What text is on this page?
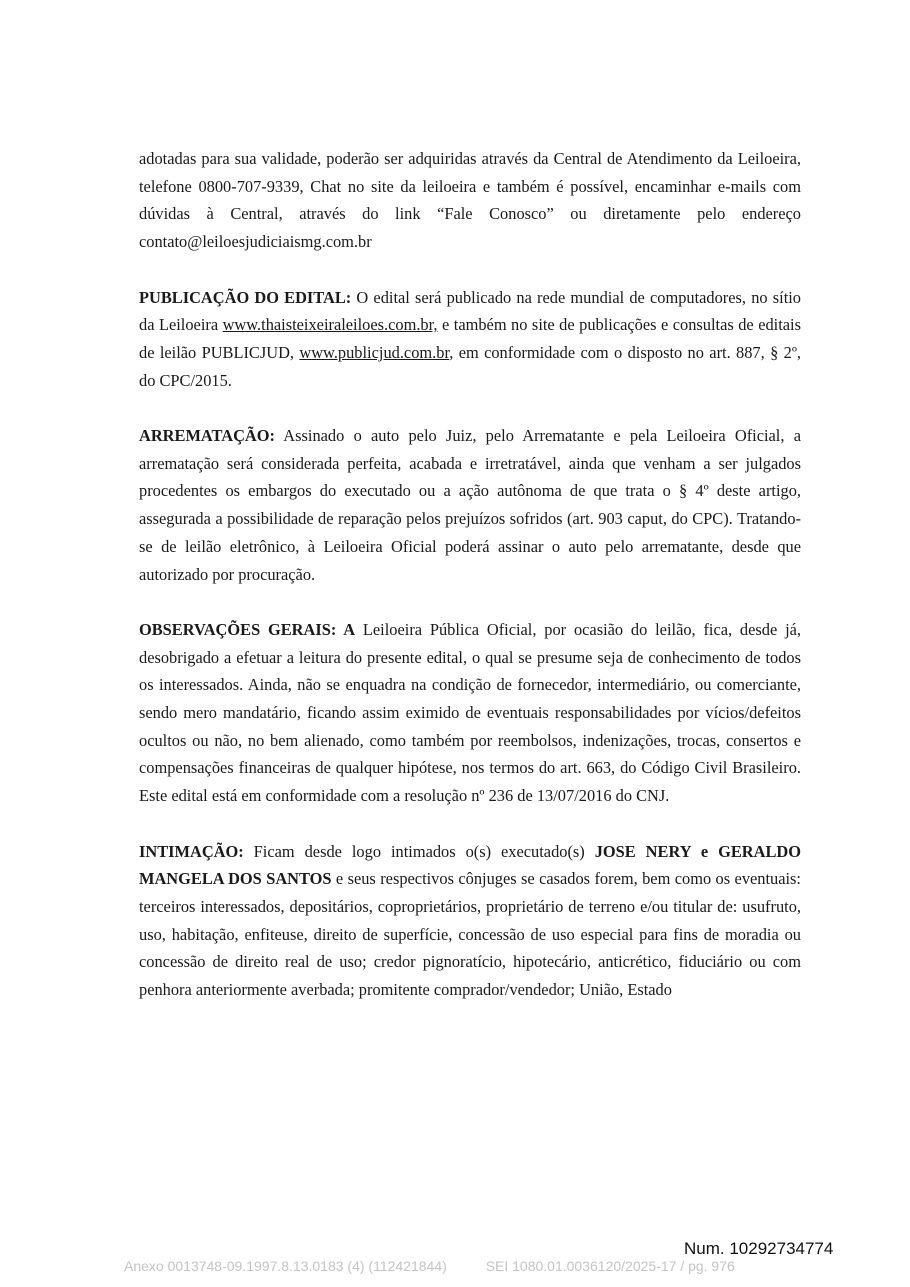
adotadas para sua validade, poderão ser adquiridas através da Central de Atendimento da Leiloeira, telefone 0800-707-9339, Chat no site da leiloeira e também é possível, encaminhar e-mails com dúvidas à Central, através do link “Fale Conosco” ou diretamente pelo endereço contato@leiloesjudiciaismg.com.br

PUBLICAÇÃO DO EDITAL: O edital será publicado na rede mundial de computadores, no sítio da Leiloeira www.thaisteixeiraleiloes.com.br, e também no site de publicações e consultas de editais de leilão PUBLICJUD, www.publicjud.com.br, em conformidade com o disposto no art. 887, § 2º, do CPC/2015.

ARREMATAÇÃO: Assinado o auto pelo Juiz, pelo Arrematante e pela Leiloeira Oficial, a arrematação será considerada perfeita, acabada e irretratável, ainda que venham a ser julgados procedentes os embargos do executado ou a ação autônoma de que trata o § 4º deste artigo, assegurada a possibilidade de reparação pelos prejuízos sofridos (art. 903 caput, do CPC). Tratando-se de leilão eletrônico, à Leiloeira Oficial poderá assinar o auto pelo arrematante, desde que autorizado por procuração.

OBSERVAÇÕES GERAIS: A Leiloeira Pública Oficial, por ocasião do leilão, fica, desde já, desobrigado a efetuar a leitura do presente edital, o qual se presume seja de conhecimento de todos os interessados. Ainda, não se enquadra na condição de fornecedor, intermediário, ou comerciante, sendo mero mandatário, ficando assim eximido de eventuais responsabilidades por vícios/defeitos ocultos ou não, no bem alienado, como também por reembolsos, indenizações, trocas, consertos e compensações financeiras de qualquer hipótese, nos termos do art. 663, do Código Civil Brasileiro. Este edital está em conformidade com a resolução nº 236 de 13/07/2016 do CNJ.

INTIMAÇÃO: Ficam desde logo intimados o(s) executado(s) JOSE NERY e GERALDO MANGELA DOS SANTOS e seus respectivos cônjuges se casados forem, bem como os eventuais: terceiros interessados, depositários, coproprietários, proprietário de terreno e/ou titular de: usufruto, uso, habitação, enfiteuse, direito de superfície, concessão de uso especial para fins de moradia ou concessão de direito real de uso; credor pignoratício, hipotecário, anticrético, fiduciário ou com penhora anteriormente averbada; promitente comprador/vendedor; União, Estado

Num. 10292734774
Anexo 0013748-09.1997.8.13.0183 (4) (112421844)	SEI 1080.01.0036120/2025-17 / pg. 976
